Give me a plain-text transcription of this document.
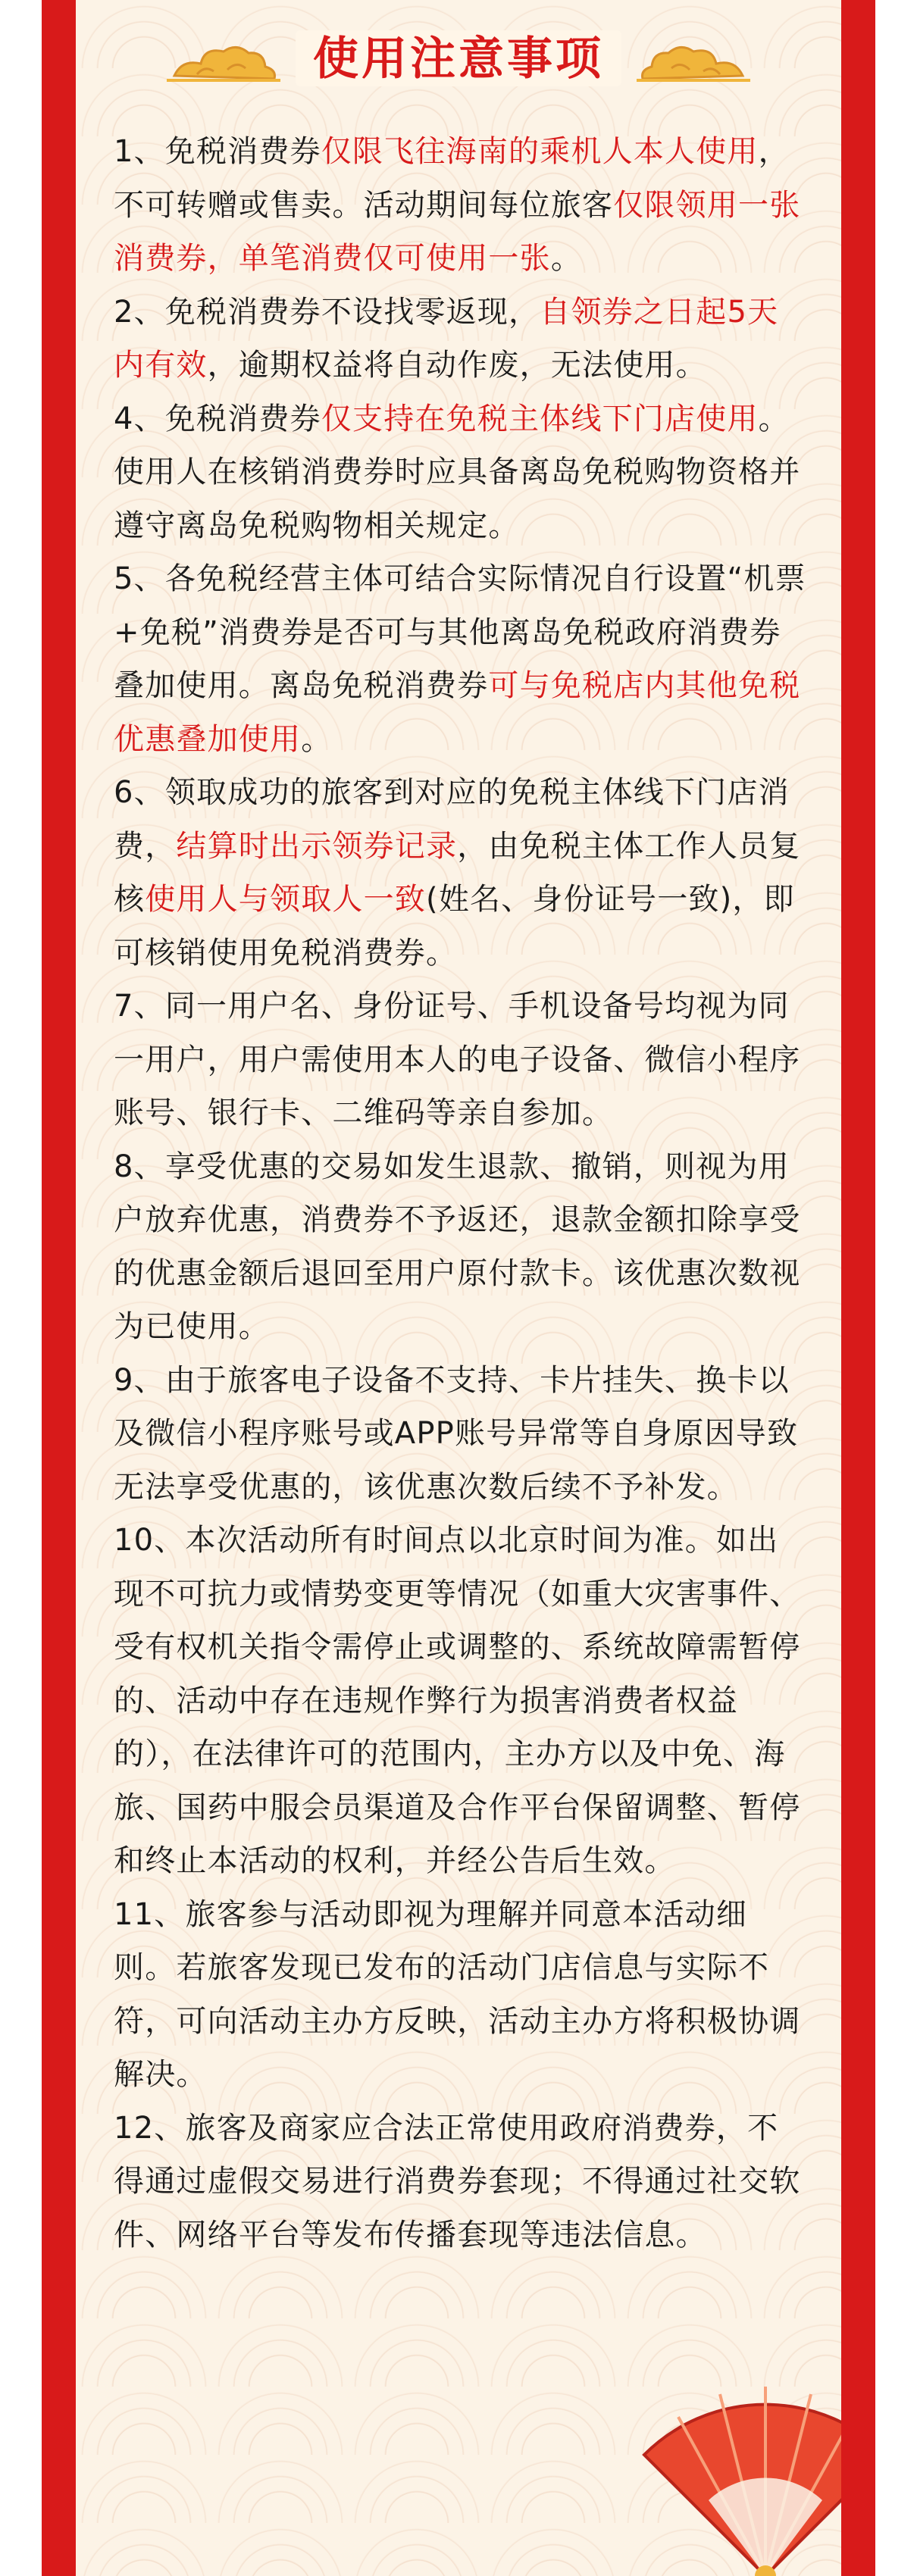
使用注意事项

1、免税消费券仅限飞往海南的乘机人本人使用，不可转赠或售卖。活动期间每位旅客仅限领用一张消费券，单笔消费仅可使用一张。

2、免税消费券不设找零返现，自领券之日起5天内有效，逾期权益将自动作废，无法使用。

4、免税消费券仅支持在免税主体线下门店使用。使用人在核销消费券时应具备离岛免税购物资格并遵守离岛免税购物相关规定。

5、各免税经营主体可结合实际情况自行设置“机票+免税”消费券是否可与其他离岛免税政府消费券叠加使用。离岛免税消费券可与免税店内其他免税优惠叠加使用。

6、领取成功的旅客到对应的免税主体线下门店消费，结算时出示领券记录，由免税主体工作人员复核使用人与领取人一致(姓名、身份证号一致)，即可核销使用免税消费券。

7、同一用户名、身份证号、手机设备号均视为同一用户，用户需使用本人的电子设备、微信小程序账号、银行卡、二维码等亲自参加。

8、享受优惠的交易如发生退款、撤销，则视为用户放弃优惠，消费券不予返还，退款金额扣除享受的优惠金额后退回至用户原付款卡。该优惠次数视为已使用。

9、由于旅客电子设备不支持、卡片挂失、换卡以及微信小程序账号或APP账号异常等自身原因导致无法享受优惠的，该优惠次数后续不予补发。

10、本次活动所有时间点以北京时间为准。如出现不可抗力或情势变更等情况（如重大灾害事件、受有权机关指令需停止或调整的、系统故障需暂停的、活动中存在违规作弊行为损害消费者权益的），在法律许可的范围内，主办方以及中免、海旅、国药中服会员渠道及合作平台保留调整、暂停和终止本活动的权利，并经公告后生效。

11、旅客参与活动即视为理解并同意本活动细则。若旅客发现已发布的活动门店信息与实际不符，可向活动主办方反映，活动主办方将积极协调解决。

12、旅客及商家应合法正常使用政府消费券，不得通过虚假交易进行消费券套现；不得通过社交软件、网络平台等发布传播套现等违法信息。
